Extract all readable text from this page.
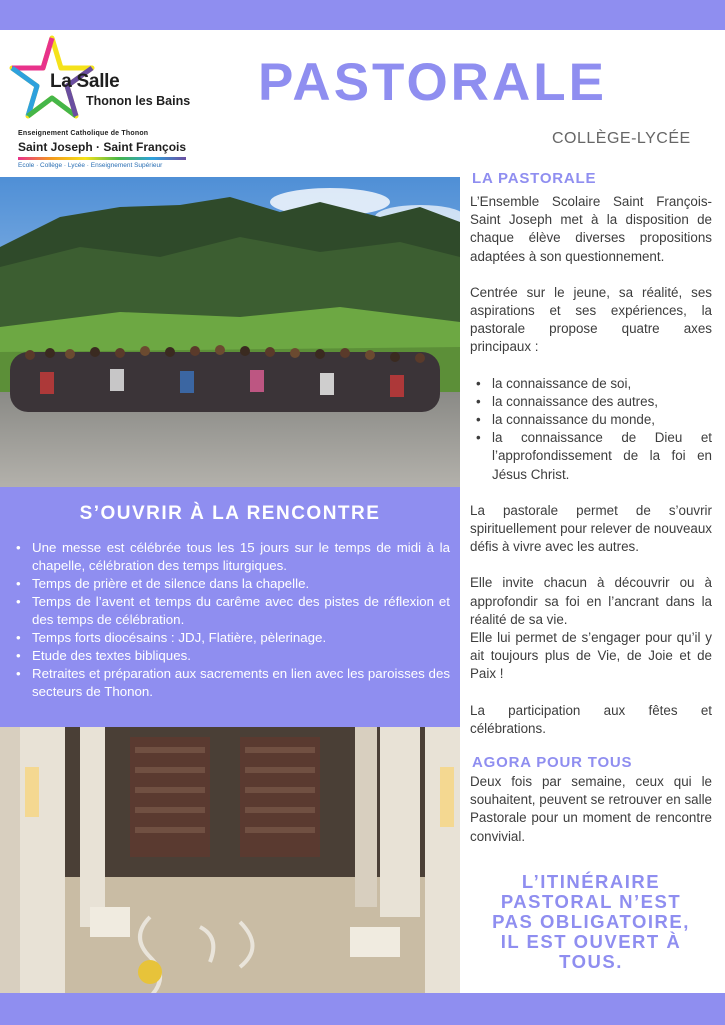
La Salle
Thonon les Bains
Enseignement Catholique de Thonon
Saint Joseph · Saint François
Ecole · Collège · Lycée · Enseignement Supérieur
PASTORALE
COLLÈGE-LYCÉE
S’OUVRIR À LA RENCONTRE
• Une messe est célébrée tous les 15 jours sur le temps de midi à la chapelle, célébration des temps liturgiques.
• Temps de prière et de silence dans la chapelle.
• Temps de l’avent et temps du carême avec des pistes de réflexion et des temps de célébration.
• Temps forts diocésains : JDJ, Flatière, pèlerinage.
• Etude des textes bibliques.
• Retraites et préparation aux sacrements en lien avec les paroisses des secteurs de Thonon.
LA PASTORALE

L’Ensemble Scolaire Saint François-Saint Joseph met à la disposition de chaque élève diverses propositions adaptées à son questionnement.

Centrée sur le jeune, sa réalité, ses aspirations et ses expériences, la pastorale propose quatre axes principaux :

• la connaissance de soi,
• la connaissance des autres,
• la connaissance du monde,
• la connaissance de Dieu et l’approfondissement de la foi en Jésus Christ.

La pastorale permet de s’ouvrir spirituellement pour relever de nouveaux défis à vivre avec les autres.

Elle invite chacun à découvrir ou à approfondir sa foi en l’ancrant dans la réalité de sa vie.

Elle lui permet de s’engager pour qu’il y ait toujours plus de Vie, de Joie et de Paix !

La participation aux fêtes et célébrations.

AGORA POUR TOUS

Deux fois par semaine, ceux qui le souhaitent, peuvent se retrouver en salle Pastorale pour un moment de rencontre convivial.

L’ITINÉRAIRE
PASTORAL N’EST
PAS OBLIGATOIRE,
IL EST OUVERT À
TOUS.
